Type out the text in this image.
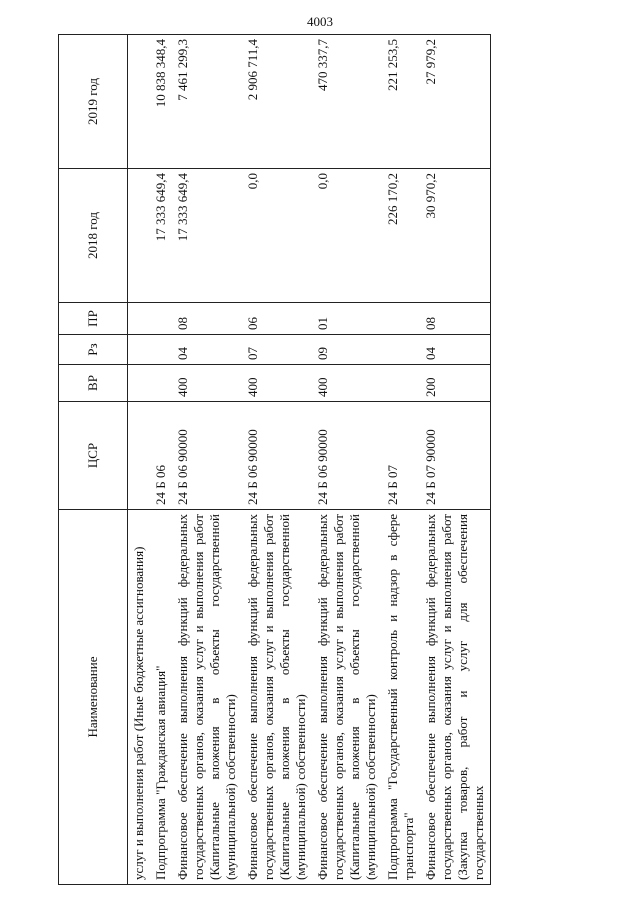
4003
Наименование	ЦСР	ВР	Рз	ПР	2018 год	2019 год
услуг и выполнения работ (Иные бюджетные ассигнования)						
Подпрограмма "Гражданская авиация"	24 Б 06				17 333 649,4	10 838 348,4
Финансовое обеспечение выполнения функций федеральных государственных органов, оказания услуг и выполнения работ (Капитальные вложения в объекты государственной (муниципальной) собственности)	24 Б 06 90000	400	04	08	17 333 649,4	7 461 299,3
Финансовое обеспечение выполнения функций федеральных государственных органов, оказания услуг и выполнения работ (Капитальные вложения в объекты государственной (муниципальной) собственности)	24 Б 06 90000	400	07	06	0,0	2 906 711,4
Финансовое обеспечение выполнения функций федеральных государственных органов, оказания услуг и выполнения работ (Капитальные вложения в объекты государственной (муниципальной) собственности)	24 Б 06 90000	400	09	01	0,0	470 337,7
Подпрограмма "Государственный контроль и надзор в сфере транспорта"	24 Б 07				226 170,2	221 253,5
Финансовое обеспечение выполнения функций федеральных государственных органов, оказания услуг и выполнения работ (Закупка товаров, работ и услуг для обеспечения государственных	24 Б 07 90000	200	04	08	30 970,2	27 979,2
